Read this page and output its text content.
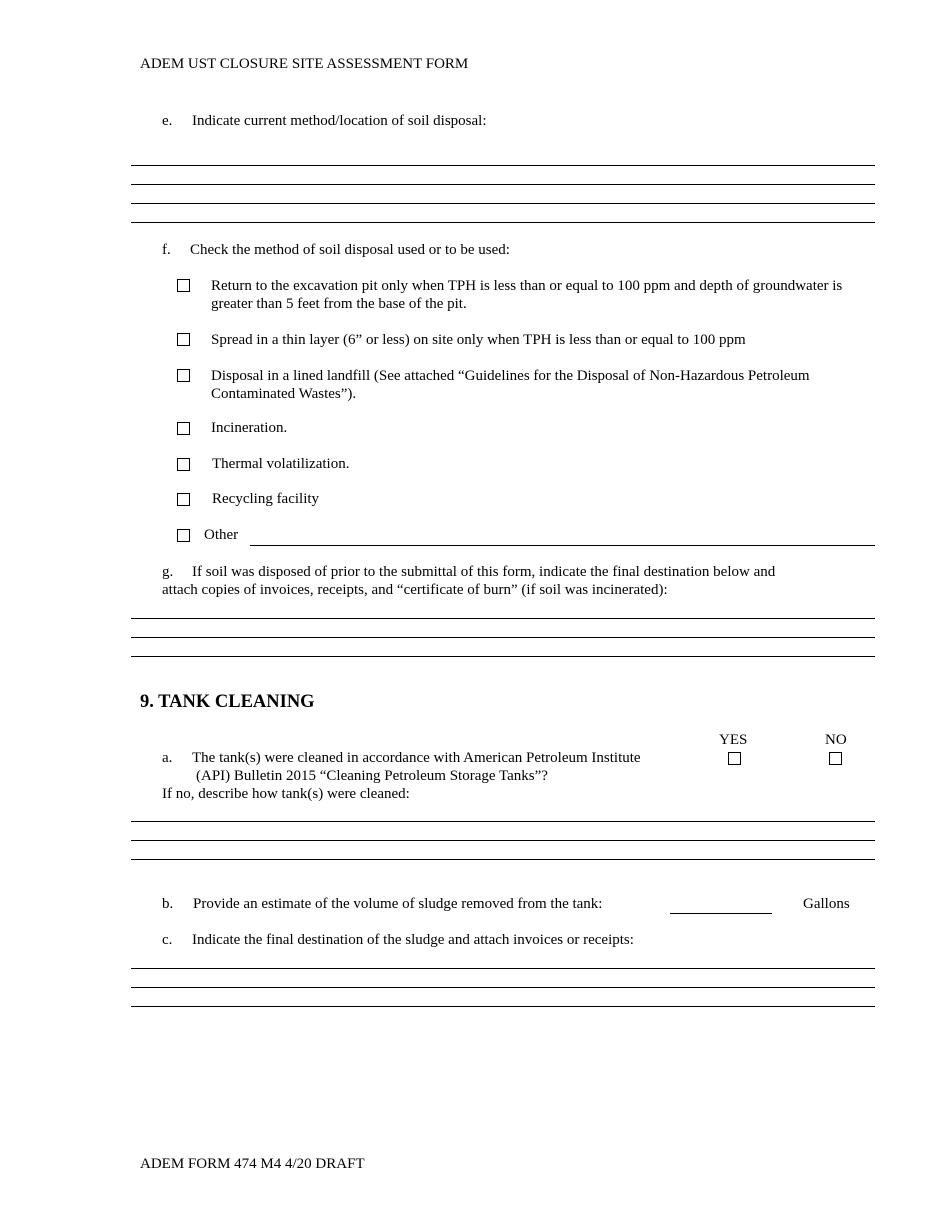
ADEM UST CLOSURE SITE ASSESSMENT FORM
e. Indicate current method/location of soil disposal:
f. Check the method of soil disposal used or to be used:
Return to the excavation pit only when TPH is less than or equal to 100 ppm and depth of groundwater is greater than 5 feet from the base of the pit.
Spread in a thin layer (6” or less) on site only when TPH is less than or equal to 100 ppm
Disposal in a lined landfill (See attached “Guidelines for the Disposal of Non-Hazardous Petroleum Contaminated Wastes”).
Incineration.
Thermal volatilization.
Recycling facility
Other
g.  If soil was disposed of prior to the submittal of this form, indicate the final destination below and
attach copies of invoices, receipts, and “certificate of burn” (if soil was incinerated):
9. TANK CLEANING
YES	NO
a. The tank(s) were cleaned in accordance with American Petroleum Institute
(API) Bulletin 2015 “Cleaning Petroleum Storage Tanks”?
If no, describe how tank(s) were cleaned:
b. Provide an estimate of the volume of sludge removed from the tank:	Gallons
c. Indicate the final destination of the sludge and attach invoices or receipts:
ADEM FORM 474 M4 4/20 DRAFT
